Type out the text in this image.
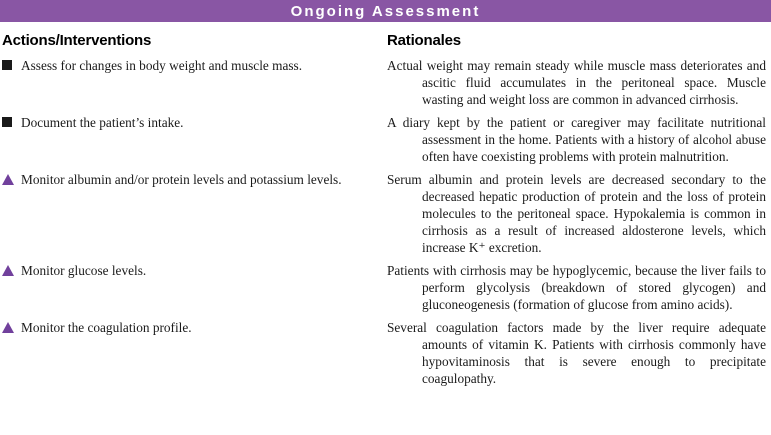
Ongoing Assessment
Actions/Interventions	Rationales
Assess for changes in body weight and muscle mass.	Actual weight may remain steady while muscle mass deteriorates and ascitic fluid accumulates in the peritoneal space. Muscle wasting and weight loss are common in advanced cirrhosis.
Document the patient’s intake.	A diary kept by the patient or caregiver may facilitate nutritional assessment in the home. Patients with a history of alcohol abuse often have coexisting problems with protein malnutrition.
Monitor albumin and/or protein levels and potassium levels.	Serum albumin and protein levels are decreased secondary to the decreased hepatic production of protein and the loss of protein molecules to the peritoneal space. Hypokalemia is common in cirrhosis as a result of increased aldosterone levels, which increase K⁺ excretion.
Monitor glucose levels.	Patients with cirrhosis may be hypoglycemic, because the liver fails to perform glycolysis (breakdown of stored glycogen) and gluconeogenesis (formation of glucose from amino acids).
Monitor the coagulation profile.	Several coagulation factors made by the liver require adequate amounts of vitamin K. Patients with cirrhosis commonly have hypovitaminosis that is severe enough to precipitate coagulopathy.
